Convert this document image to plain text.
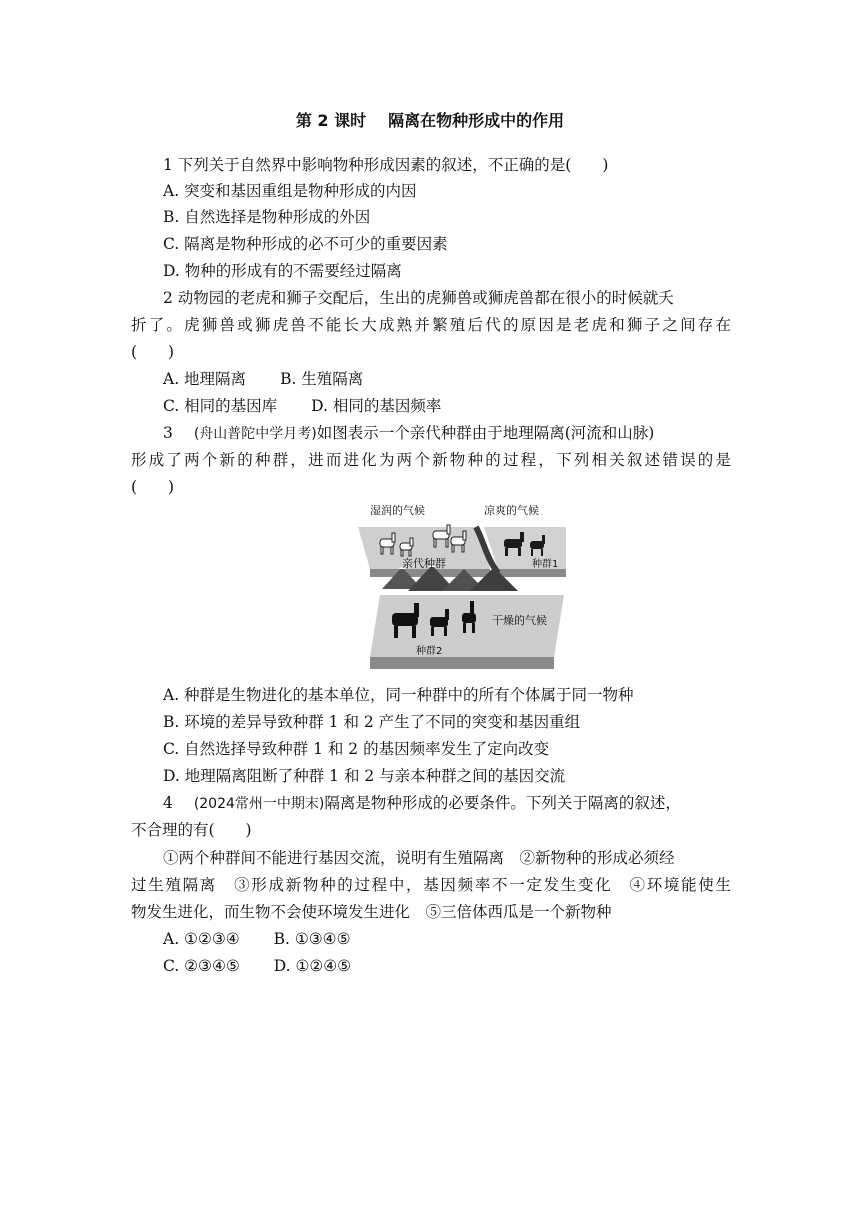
第 2 课时 隔离在物种形成中的作用
1 下列关于自然界中影响物种形成因素的叙述，不正确的是(　　)
A. 突变和基因重组是物种形成的内因
B. 自然选择是物种形成的外因
C. 隔离是物种形成的必不可少的重要因素
D. 物种的形成有的不需要经过隔离
2 动物园的老虎和狮子交配后，生出的虎狮兽或狮虎兽都在很小的时候就夭
折了。虎狮兽或狮虎兽不能长大成熟并繁殖后代的原因是老虎和狮子之间存在
(　　)
A. 地理隔离 B. 生殖隔离
C. 相同的基因库 D. 相同的基因频率
3 (舟山普陀中学月考)如图表示一个亲代种群由于地理隔离(河流和山脉)
形成了两个新的种群，进而进化为两个新物种的过程，下列相关叙述错误的是
(　　)
湿润的气候	凉爽的气候
亲代种群	种群1
干燥的气候
种群2
A. 种群是生物进化的基本单位，同一种群中的所有个体属于同一物种
B. 环境的差异导致种群 1 和 2 产生了不同的突变和基因重组
C. 自然选择导致种群 1 和 2 的基因频率发生了定向改变
D. 地理隔离阻断了种群 1 和 2 与亲本种群之间的基因交流
4 (2024常州一中期末)隔离是物种形成的必要条件。下列关于隔离的叙述，
不合理的有(　　)
①两个种群间不能进行基因交流，说明有生殖隔离　②新物种的形成必须经
过生殖隔离　③形成新物种的过程中，基因频率不一定发生变化　④环境能使生
物发生进化，而生物不会使环境发生进化　⑤三倍体西瓜是一个新物种
A. ①②③④ B. ①③④⑤
C. ②③④⑤ D. ①②④⑤
